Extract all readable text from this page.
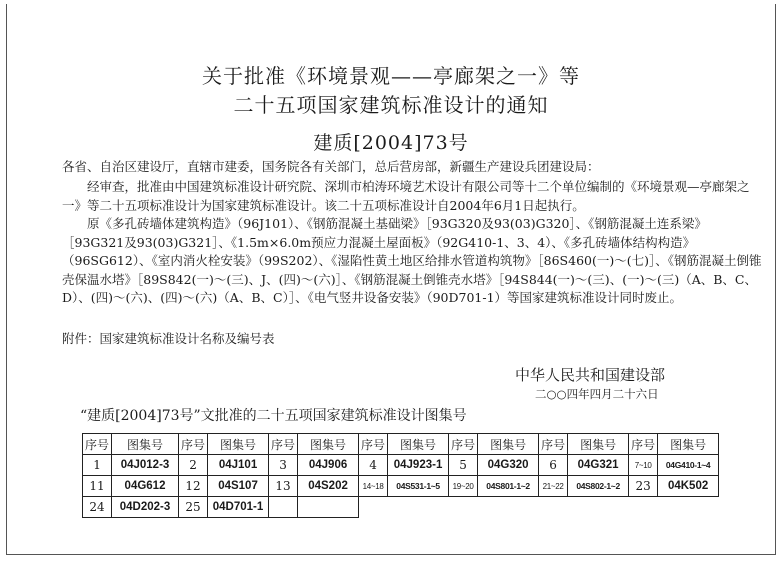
关于批准《环境景观——亭廊架之一》等
二十五项国家建筑标准设计的通知
建质[2004]73号

各省、自治区建设厅，直辖市建委，国务院各有关部门，总后营房部，新疆生产建设兵团建设局：

经审查，批准由中国建筑标准设计研究院、深圳市柏涛环境艺术设计有限公司等十二个单位编制的《环境景观—亭廊架之一》等二十五项标准设计为国家建筑标准设计。该二十五项标准设计自2004年6月1日起执行。

原《多孔砖墙体建筑构造》（96J101）、《钢筋混凝土基础梁》［93G320及93(03)G320］、《钢筋混凝土连系梁》［93G321及93(03)G321］、《1.5m×6.0m预应力混凝土屋面板》（92G410-1、3、4）、《多孔砖墙体结构构造》（96SG612）、《室内消火栓安装》（99S202）、《湿陷性黄土地区给排水管道构筑物》［86S460(一)～(七)］、《钢筋混凝土倒锥壳保温水塔》［89S842(一)～(三)、J、(四)～(六)］、《钢筋混凝土倒锥壳水塔》［94S844(一)～(三)、(一)～(三)（A、B、C、D）、(四)～(六)、(四)～(六)（A、B、C）］、《电气竖井设备安装》（90D701-1）等国家建筑标准设计同时废止。

附件：国家建筑标准设计名称及编号表

中华人民共和国建设部
二○○四年四月二十六日
“建质[2004]73号”文批准的二十五项国家建筑标准设计图集号
序号	图集号	序号	图集号	序号	图集号	序号	图集号	序号	图集号	序号	图集号	序号	图集号
1	04J012-3	2	04J101	3	04J906	4	04J923-1	5	04G320	6	04G321	7~10	04G410-1~4
11	04G612	12	04S107	13	04S202	14~18	04S531-1~5	19~20	04S801-1~2	21~22	04S802-1~2	23	04K502
24	04D202-3	25	04D701-1										
